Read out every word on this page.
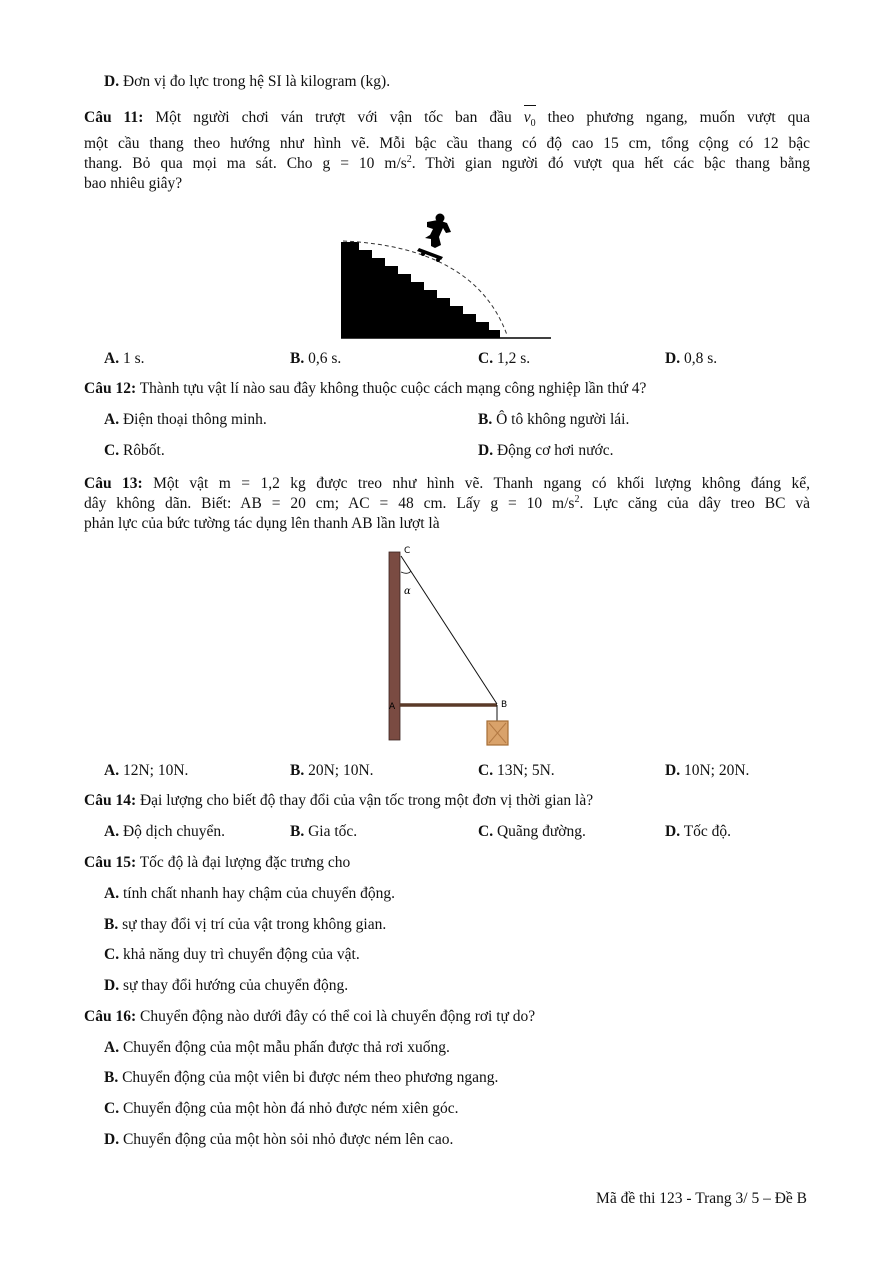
D. Đơn vị đo lực trong hệ SI là kilogram (kg).
Câu 11: Một người chơi ván trượt với vận tốc ban đầu $v_0$ theo phương ngang, muốn vượt qua
một cầu thang theo hướng như hình vẽ. Mỗi bậc cầu thang có độ cao 15 cm, tổng cộng có 12 bậc
thang. Bỏ qua mọi ma sát. Cho g = 10 $m/s^2$. Thời gian người đó vượt qua hết các bậc thang bằng
bao nhiêu giây?
A. 1 s.	B. 0,6 s.	C. 1,2 s.	D. 0,8 s.
Câu 12: Thành tựu vật lí nào sau đây không thuộc cuộc cách mạng công nghiệp lần thứ 4?
A. Điện thoại thông minh.	B. Ô tô không người lái.
C. Rôbốt.	D. Động cơ hơi nước.
Câu 13: Một vật m = 1,2 kg được treo như hình vẽ. Thanh ngang có khối lượng không đáng kể,
dây không dãn. Biết: AB = 20 cm; AC = 48 cm. Lấy g = 10 $m/s^2$. Lực căng của dây treo BC và
phản lực của bức tường tác dụng lên thanh AB lần lượt là
C
α
A	B
A. 12N; 10N.	B. 20N; 10N.	C. 13N; 5N.	D. 10N; 20N.
Câu 14: Đại lượng cho biết độ thay đổi của vận tốc trong một đơn vị thời gian là?
A. Độ dịch chuyển.	B. Gia tốc.	C. Quãng đường.	D. Tốc độ.
Câu 15: Tốc độ là đại lượng đặc trưng cho
A. tính chất nhanh hay chậm của chuyển động.
B. sự thay đổi vị trí của vật trong không gian.
C. khả năng duy trì chuyển động của vật.
D. sự thay đổi hướng của chuyển động.
Câu 16: Chuyển động nào dưới đây có thể coi là chuyển động rơi tự do?
A. Chuyển động của một mẫu phấn được thả rơi xuống.
B. Chuyển động của một viên bi được ném theo phương ngang.
C. Chuyển động của một hòn đá nhỏ được ném xiên góc.
D. Chuyển động của một hòn sỏi nhỏ được ném lên cao.
Mã đề thi 123 - Trang 3/ 5 – Đề B
